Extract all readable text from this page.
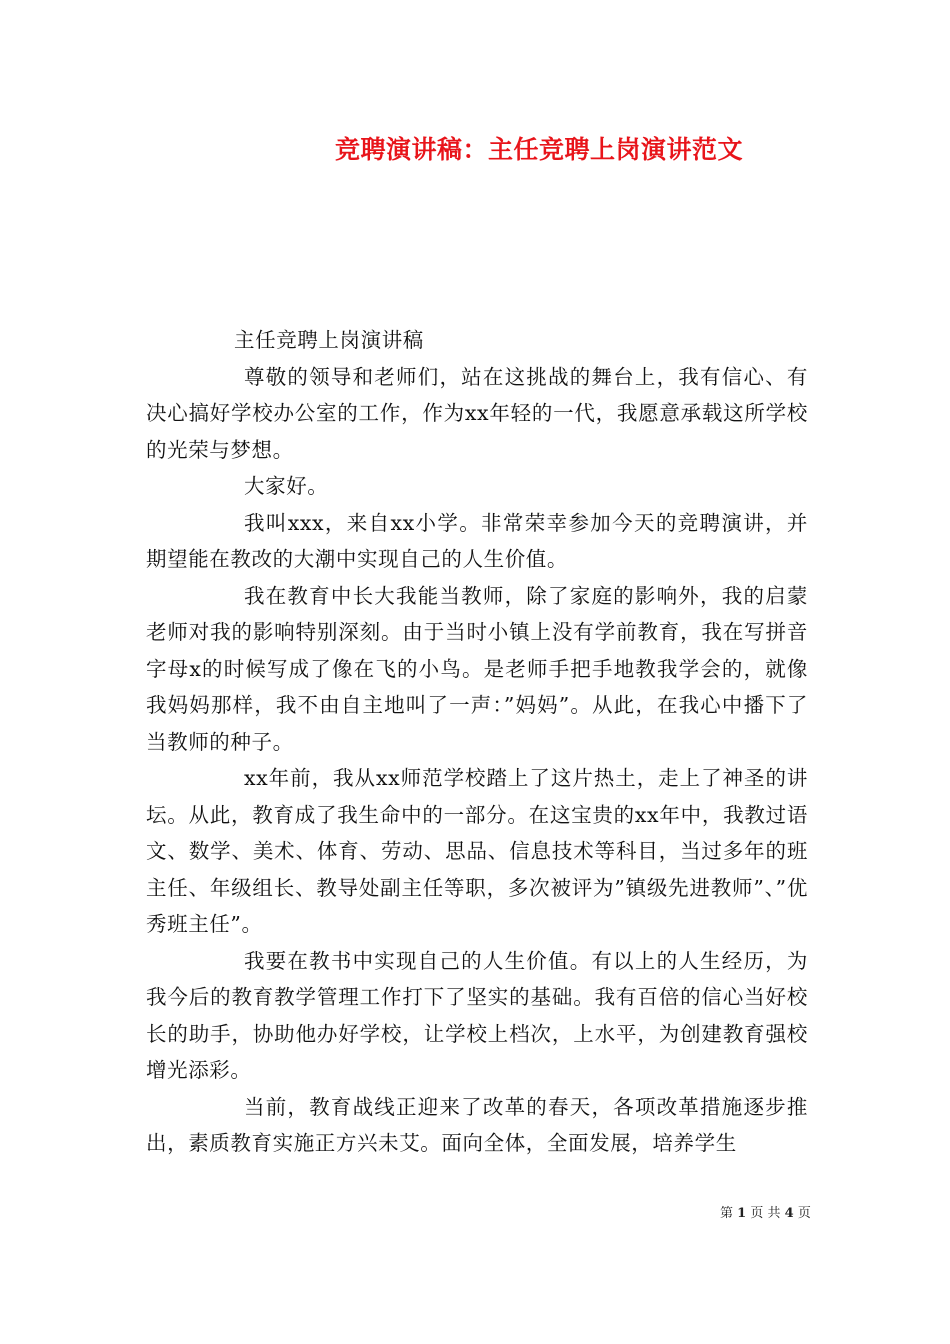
竞聘演讲稿：主任竞聘上岗演讲范文

主任竞聘上岗演讲稿

尊敬的领导和老师们，站在这挑战的舞台上，我有信心、有决心搞好学校办公室的工作，作为xx年轻的一代，我愿意承载这所学校的光荣与梦想。

大家好。

我叫xxx，来自xx小学。非常荣幸参加今天的竞聘演讲，并期望能在教改的大潮中实现自己的人生价值。

我在教育中长大我能当教师，除了家庭的影响外，我的启蒙老师对我的影响特别深刻。由于当时小镇上没有学前教育，我在写拼音字母x的时候写成了像在飞的小鸟。是老师手把手地教我学会的，就像我妈妈那样，我不由自主地叫了一声：”妈妈”。从此，在我心中播下了当教师的种子。

xx年前，我从xx师范学校踏上了这片热土，走上了神圣的讲坛。从此，教育成了我生命中的一部分。在这宝贵的xx年中，我教过语文、数学、美术、体育、劳动、思品、信息技术等科目，当过多年的班主任、年级组长、教导处副主任等职，多次被评为”镇级先进教师”、”优秀班主任”。

我要在教书中实现自己的人生价值。有以上的人生经历，为我今后的教育教学管理工作打下了坚实的基础。我有百倍的信心当好校长的助手，协助他办好学校，让学校上档次，上水平，为创建教育强校增光添彩。

当前，教育战线正迎来了改革的春天，各项改革措施逐步推出，素质教育实施正方兴未艾。面向全体，全面发展，培养学生

第 1 页 共 4 页
